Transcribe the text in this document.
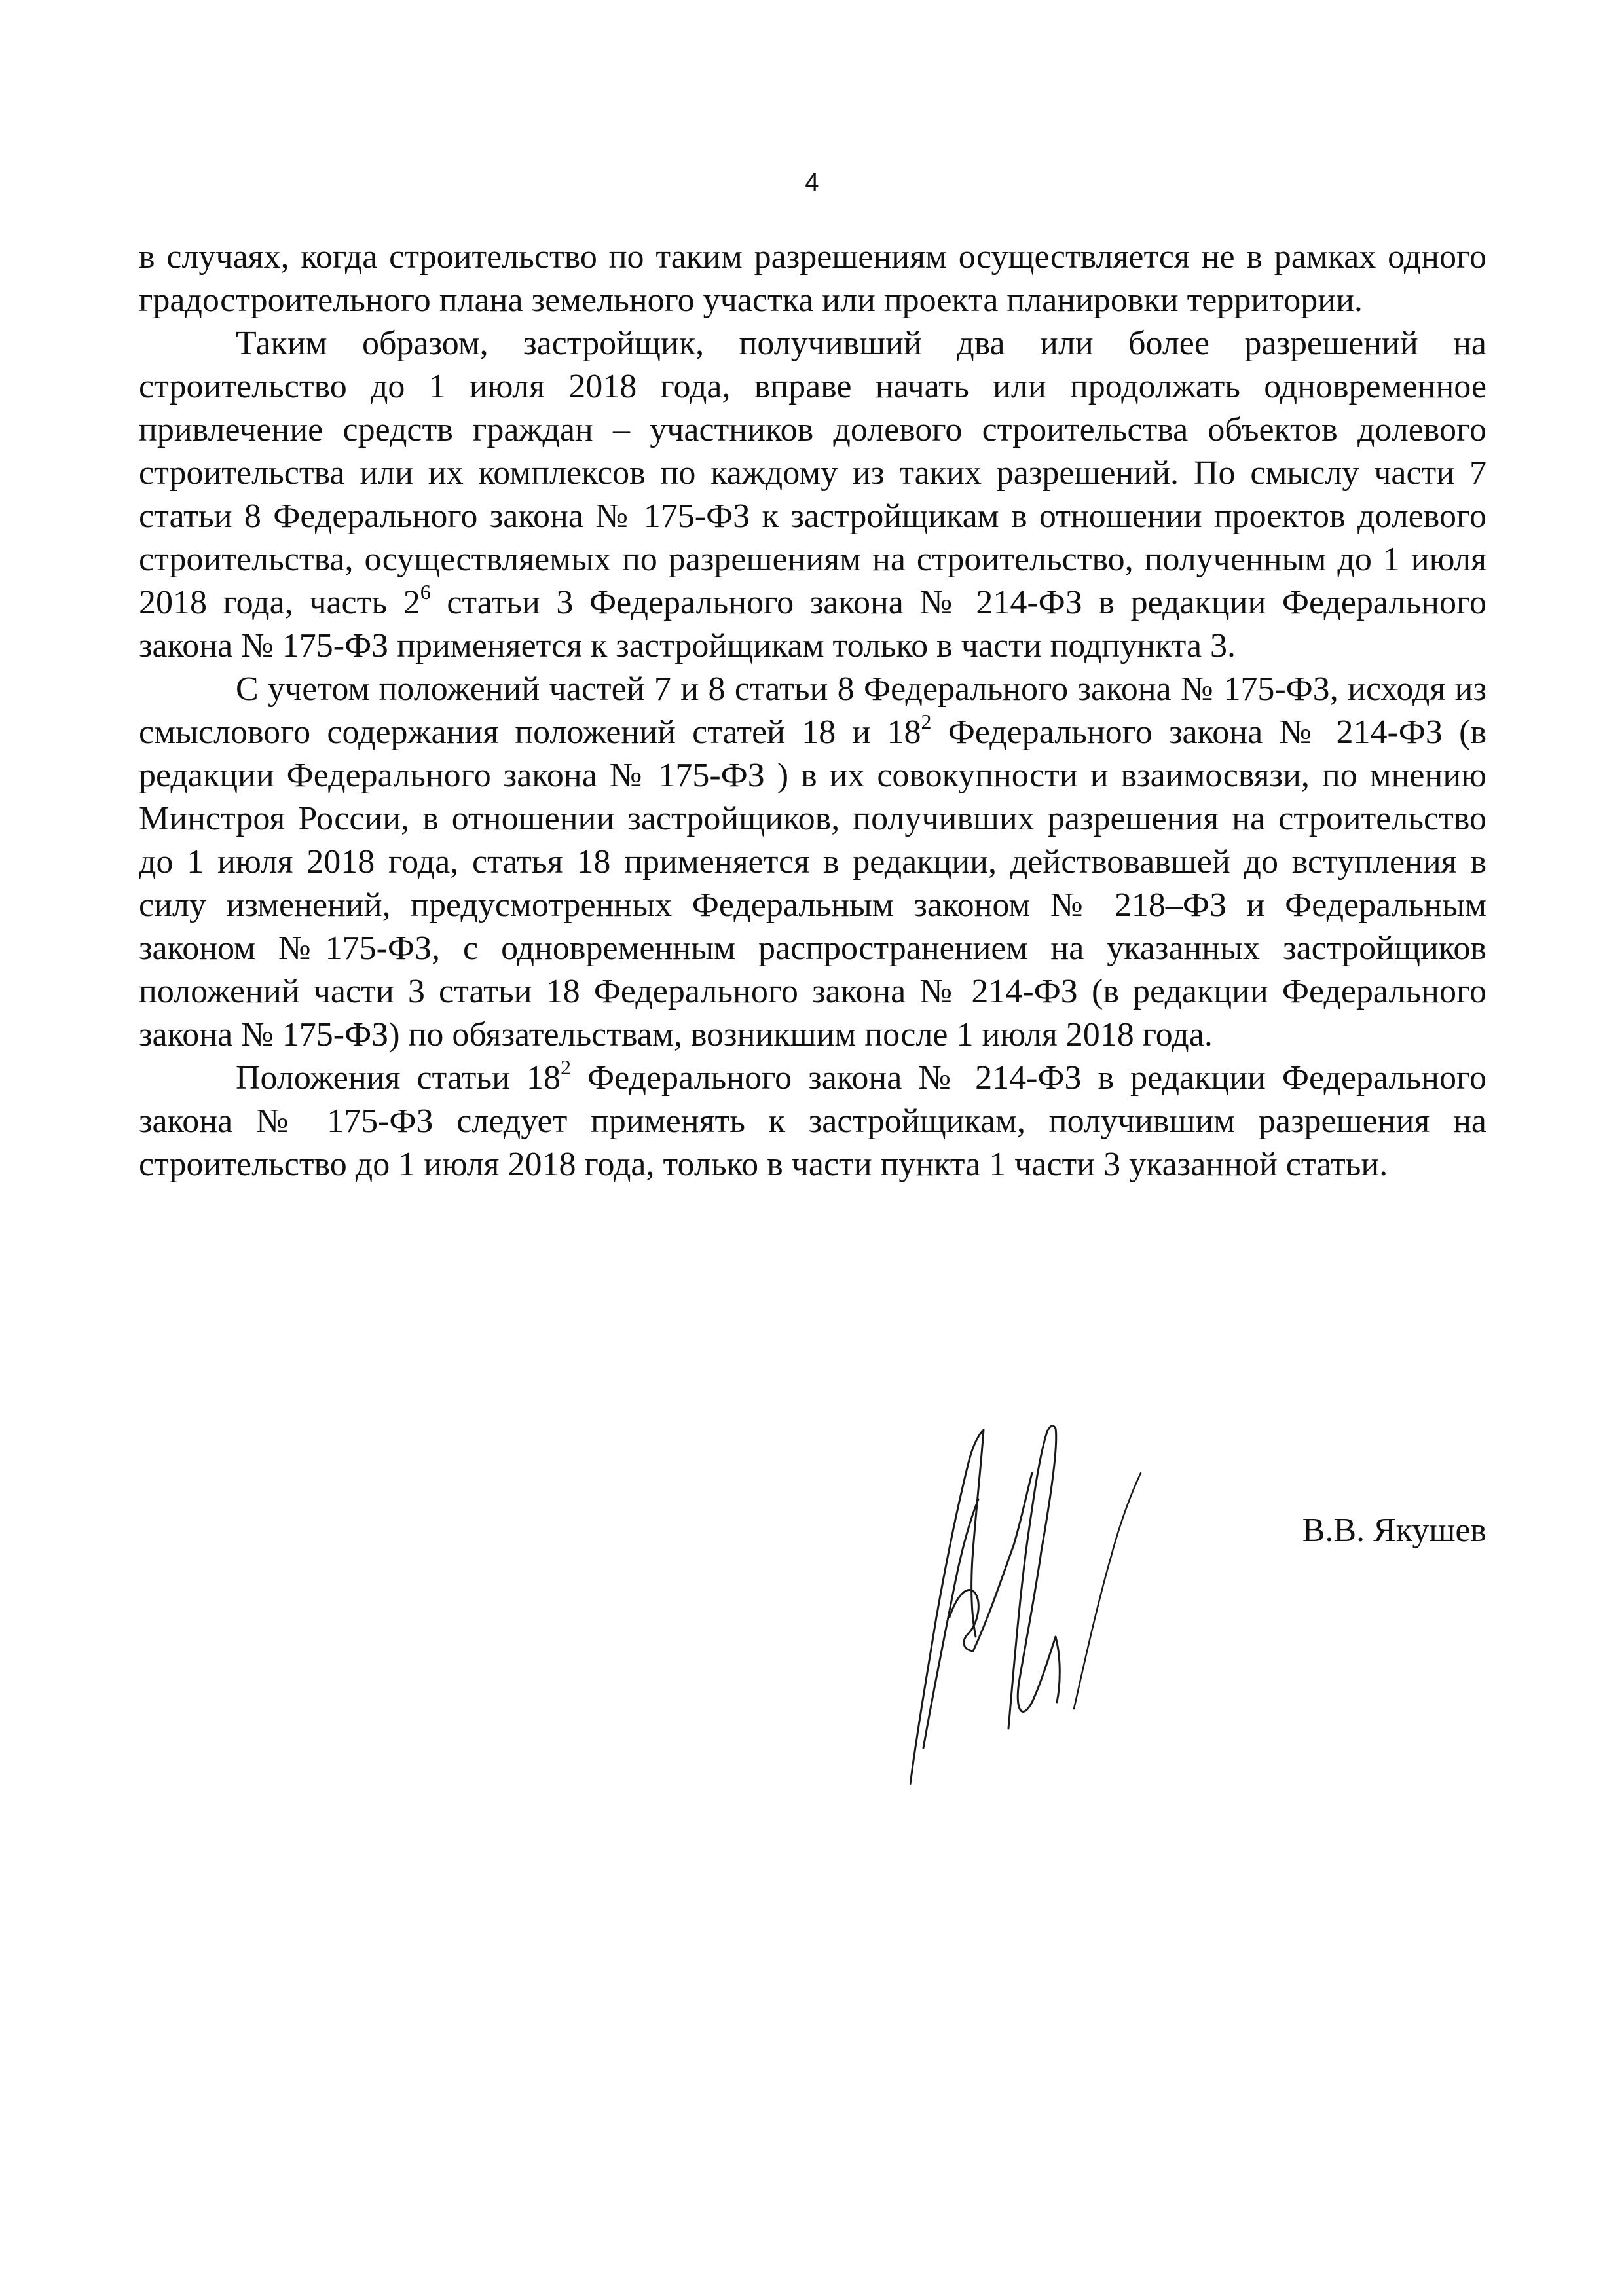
4

в случаях, когда строительство по таким разрешениям осуществляется не в рамках одного градостроительного плана земельного участка или проекта планировки территории.

Таким образом, застройщик, получивший два или более разрешений на строительство до 1 июля 2018 года, вправе начать или продолжать одновременное привлечение средств граждан – участников долевого строительства объектов долевого строительства или их комплексов по каждому из таких разрешений. По смыслу части 7 статьи 8 Федерального закона № 175-ФЗ к застройщикам в отношении проектов долевого строительства, осуществляемых по разрешениям на строительство, полученным до 1 июля 2018 года, часть $2^6$ статьи 3 Федерального закона № 214-ФЗ в редакции Федерального закона № 175-ФЗ применяется к застройщикам только в части подпункта 3.

С учетом положений частей 7 и 8 статьи 8 Федерального закона № 175-ФЗ, исходя из смыслового содержания положений статей 18 и $18^2$ Федерального закона № 214-ФЗ (в редакции Федерального закона № 175-ФЗ ) в их совокупности и взаимосвязи, по мнению Минстроя России, в отношении застройщиков, получивших разрешения на строительство до 1 июля 2018 года, статья 18 применяется в редакции, действовавшей до вступления в силу изменений, предусмотренных Федеральным законом № 218–ФЗ и Федеральным законом №175-ФЗ, с одновременным распространением на указанных застройщиков положений части 3 статьи 18 Федерального закона № 214-ФЗ (в редакции Федерального закона № 175-ФЗ) по обязательствам, возникшим после 1 июля 2018 года.

Положения статьи $18^2$ Федерального закона № 214-ФЗ в редакции Федерального закона № 175-ФЗ следует применять к застройщикам, получившим разрешения на строительство до 1 июля 2018 года, только в части пункта 1 части 3 указанной статьи.

В.В. Якушев
